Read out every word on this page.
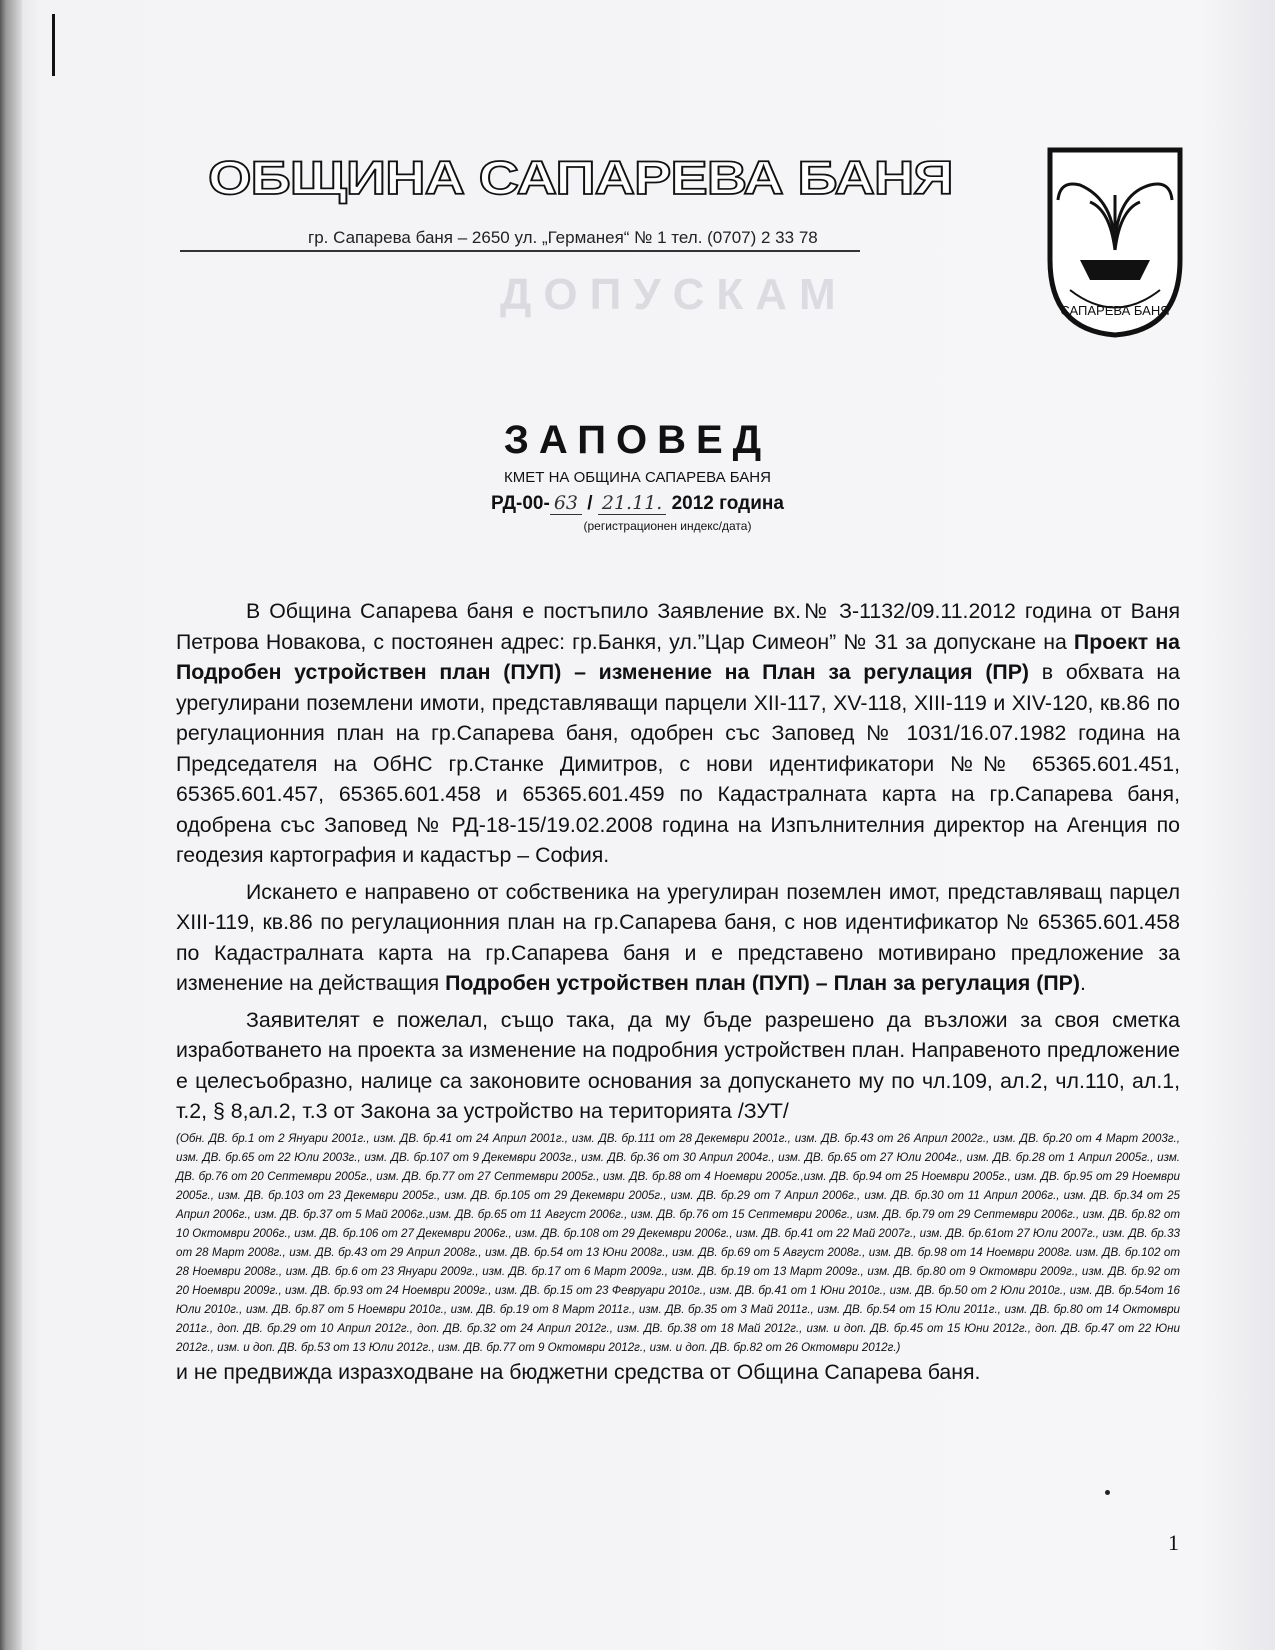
ДОПУСКАМ
ОБЩИНА САПАРЕВА БАНЯ
гр. Сапарева баня – 2650 ул. „Германея“ № 1 тел. (0707) 2 33 78
САПАРЕВА БАНЯ
ЗАПОВЕД
КМЕТ НА ОБЩИНА САПАРЕВА БАНЯ
РД-00- 63 / 21.11. 2012 година
(регистрационен индекс/дата)

В Община Сапарева баня е постъпило Заявление вх.№ З-1132/09.11.2012 година от Ваня Петрова Новакова, с постоянен адрес: гр.Банкя, ул.”Цар Симеон” № 31 за допускане на Проект на Подробен устройствен план (ПУП) – изменение на План за регулация (ПР) в обхвата на урегулирани поземлени имоти, представляващи парцели XII-117, XV-118, XIII-119 и XIV-120, кв.86 по регулационния план на гр.Сапарева баня, одобрен със Заповед № 1031/16.07.1982 година на Председателя на ОбНС гр.Станке Димитров, с нови идентификатори №№ 65365.601.451, 65365.601.457, 65365.601.458 и 65365.601.459 по Кадастралната карта на гр.Сапарева баня, одобрена със Заповед № РД-18-15/19.02.2008 година на Изпълнителния директор на Агенция по геодезия картография и кадастър – София.

Искането е направено от собственика на урегулиран поземлен имот, представляващ парцел XIII-119, кв.86 по регулационния план на гр.Сапарева баня, с нов идентификатор № 65365.601.458 по Кадастралната карта на гр.Сапарева баня и е представено мотивирано предложение за изменение на действащия Подробен устройствен план (ПУП) – План за регулация (ПР).

Заявителят е пожелал, също така, да му бъде разрешено да възложи за своя сметка изработването на проекта за изменение на подробния устройствен план. Направеното предложение е целесъобразно, налице са законовите основания за допускането му по чл.109, ал.2, чл.110, ал.1, т.2, § 8,ал.2, т.3 от Закона за устройство на територията /ЗУТ/

(Обн. ДВ. бр.1 от 2 Януари 2001г., изм. ДВ. бр.41 от 24 Април 2001г., изм. ДВ. бр.111 от 28 Декември 2001г., изм. ДВ. бр.43 от 26 Април 2002г., изм. ДВ. бр.20 от 4 Март 2003г., изм. ДВ. бр.65 от 22 Юли 2003г., изм. ДВ. бр.107 от 9 Декември 2003г., изм. ДВ. бр.36 от 30 Април 2004г., изм. ДВ. бр.65 от 27 Юли 2004г., изм. ДВ. бр.28 от 1 Април 2005г., изм. ДВ. бр.76 от 20 Септември 2005г., изм. ДВ. бр.77 от 27 Септември 2005г., изм. ДВ. бр.88 от 4 Ноември 2005г.,изм. ДВ. бр.94 от 25 Ноември 2005г., изм. ДВ. бр.95 от 29 Ноември 2005г., изм. ДВ. бр.103 от 23 Декември 2005г., изм. ДВ. бр.105 от 29 Декември 2005г., изм. ДВ. бр.29 от 7 Април 2006г., изм. ДВ. бр.30 от 11 Април 2006г., изм. ДВ. бр.34 от 25 Април 2006г., изм. ДВ. бр.37 от 5 Май 2006г.,изм. ДВ. бр.65 от 11 Август 2006г., изм. ДВ. бр.76 от 15 Септември 2006г., изм. ДВ. бр.79 от 29 Септември 2006г., изм. ДВ. бр.82 от 10 Октомври 2006г., изм. ДВ. бр.106 от 27 Декември 2006г., изм. ДВ. бр.108 от 29 Декември 2006г., изм. ДВ. бр.41 от 22 Май 2007г., изм. ДВ. бр.61от 27 Юли 2007г., изм. ДВ. бр.33 от 28 Март 2008г., изм. ДВ. бр.43 от 29 Април 2008г., изм. ДВ. бр.54 от 13 Юни 2008г., изм. ДВ. бр.69 от 5 Август 2008г., изм. ДВ. бр.98 от 14 Ноември 2008г. изм. ДВ. бр.102 от 28 Ноември 2008г., изм. ДВ. бр.6 от 23 Януари 2009г., изм. ДВ. бр.17 от 6 Март 2009г., изм. ДВ. бр.19 от 13 Март 2009г., изм. ДВ. бр.80 от 9 Октомври 2009г., изм. ДВ. бр.92 от 20 Ноември 2009г., изм. ДВ. бр.93 от 24 Ноември 2009г., изм. ДВ. бр.15 от 23 Февруари 2010г., изм. ДВ. бр.41 от 1 Юни 2010г., изм. ДВ. бр.50 от 2 Юли 2010г., изм. ДВ. бр.54от 16 Юли 2010г., изм. ДВ. бр.87 от 5 Ноември 2010г., изм. ДВ. бр.19 от 8 Март 2011г., изм. ДВ. бр.35 от 3 Май 2011г., изм. ДВ. бр.54 от 15 Юли 2011г., изм. ДВ. бр.80 от 14 Октомври 2011г., доп. ДВ. бр.29 от 10 Април 2012г., доп. ДВ. бр.32 от 24 Април 2012г., изм. ДВ. бр.38 от 18 Май 2012г., изм. и доп. ДВ. бр.45 от 15 Юни 2012г., доп. ДВ. бр.47 от 22 Юни 2012г., изм. и доп. ДВ. бр.53 от 13 Юли 2012г., изм. ДВ. бр.77 от 9 Октомври 2012г., изм. и доп. ДВ. бр.82 от 26 Октомври 2012г.)
и не предвижда изразходване на бюджетни средства от Община Сапарева баня.
1
